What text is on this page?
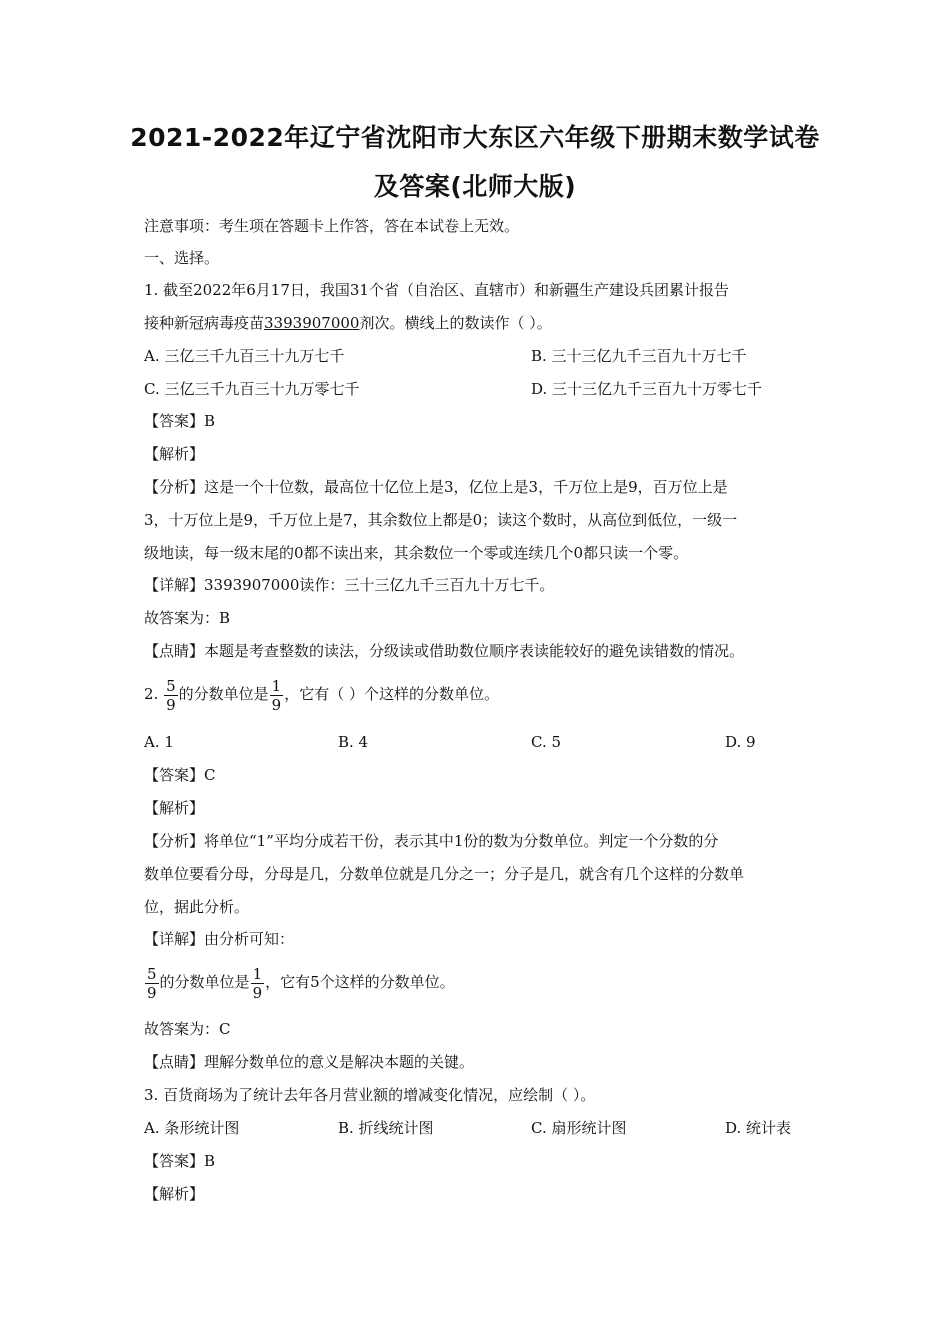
2021-2022年辽宁省沈阳市大东区六年级下册期末数学试卷
及答案(北师大版)
注意事项：考生项在答题卡上作答，答在本试卷上无效。
一、选择。
1. 截至2022年6月17日，我国31个省（自治区、直辖市）和新疆生产建设兵团累计报告
接种新冠病毒疫苗3393907000剂次。横线上的数读作（ ）。
A. 三亿三千九百三十九万七千	B. 三十三亿九千三百九十万七千
C. 三亿三千九百三十九万零七千	D. 三十三亿九千三百九十万零七千
【答案】B
【解析】
【分析】这是一个十位数，最高位十亿位上是3，亿位上是3，千万位上是9，百万位上是
3，十万位上是9，千万位上是7，其余数位上都是0；读这个数时，从高位到低位，一级一
级地读，每一级末尾的0都不读出来，其余数位一个零或连续几个0都只读一个零。
【详解】3393907000读作：三十三亿九千三百九十万七千。
故答案为：B
【点睛】本题是考查整数的读法，分级读或借助数位顺序表读能较好的避免读错数的情况。
2. $\frac{5}{9}$ 的分数单位是 $\frac{1}{9}$ ，它有（ ）个这样的分数单位。
A. 1	B. 4	C. 5	D. 9
【答案】C
【解析】
【分析】将单位“1”平均分成若干份，表示其中1份的数为分数单位。判定一个分数的分
数单位要看分母，分母是几，分数单位就是几分之一；分子是几，就含有几个这样的分数单
位，据此分析。
【详解】由分析可知：
$\frac{5}{9}$ 的分数单位是 $\frac{1}{9}$ ，它有5个这样的分数单位。
故答案为：C
【点睛】理解分数单位的意义是解决本题的关键。
3. 百货商场为了统计去年各月营业额的增减变化情况，应绘制（ ）。
A. 条形统计图	B. 折线统计图	C. 扇形统计图	D. 统计表
【答案】B
【解析】
